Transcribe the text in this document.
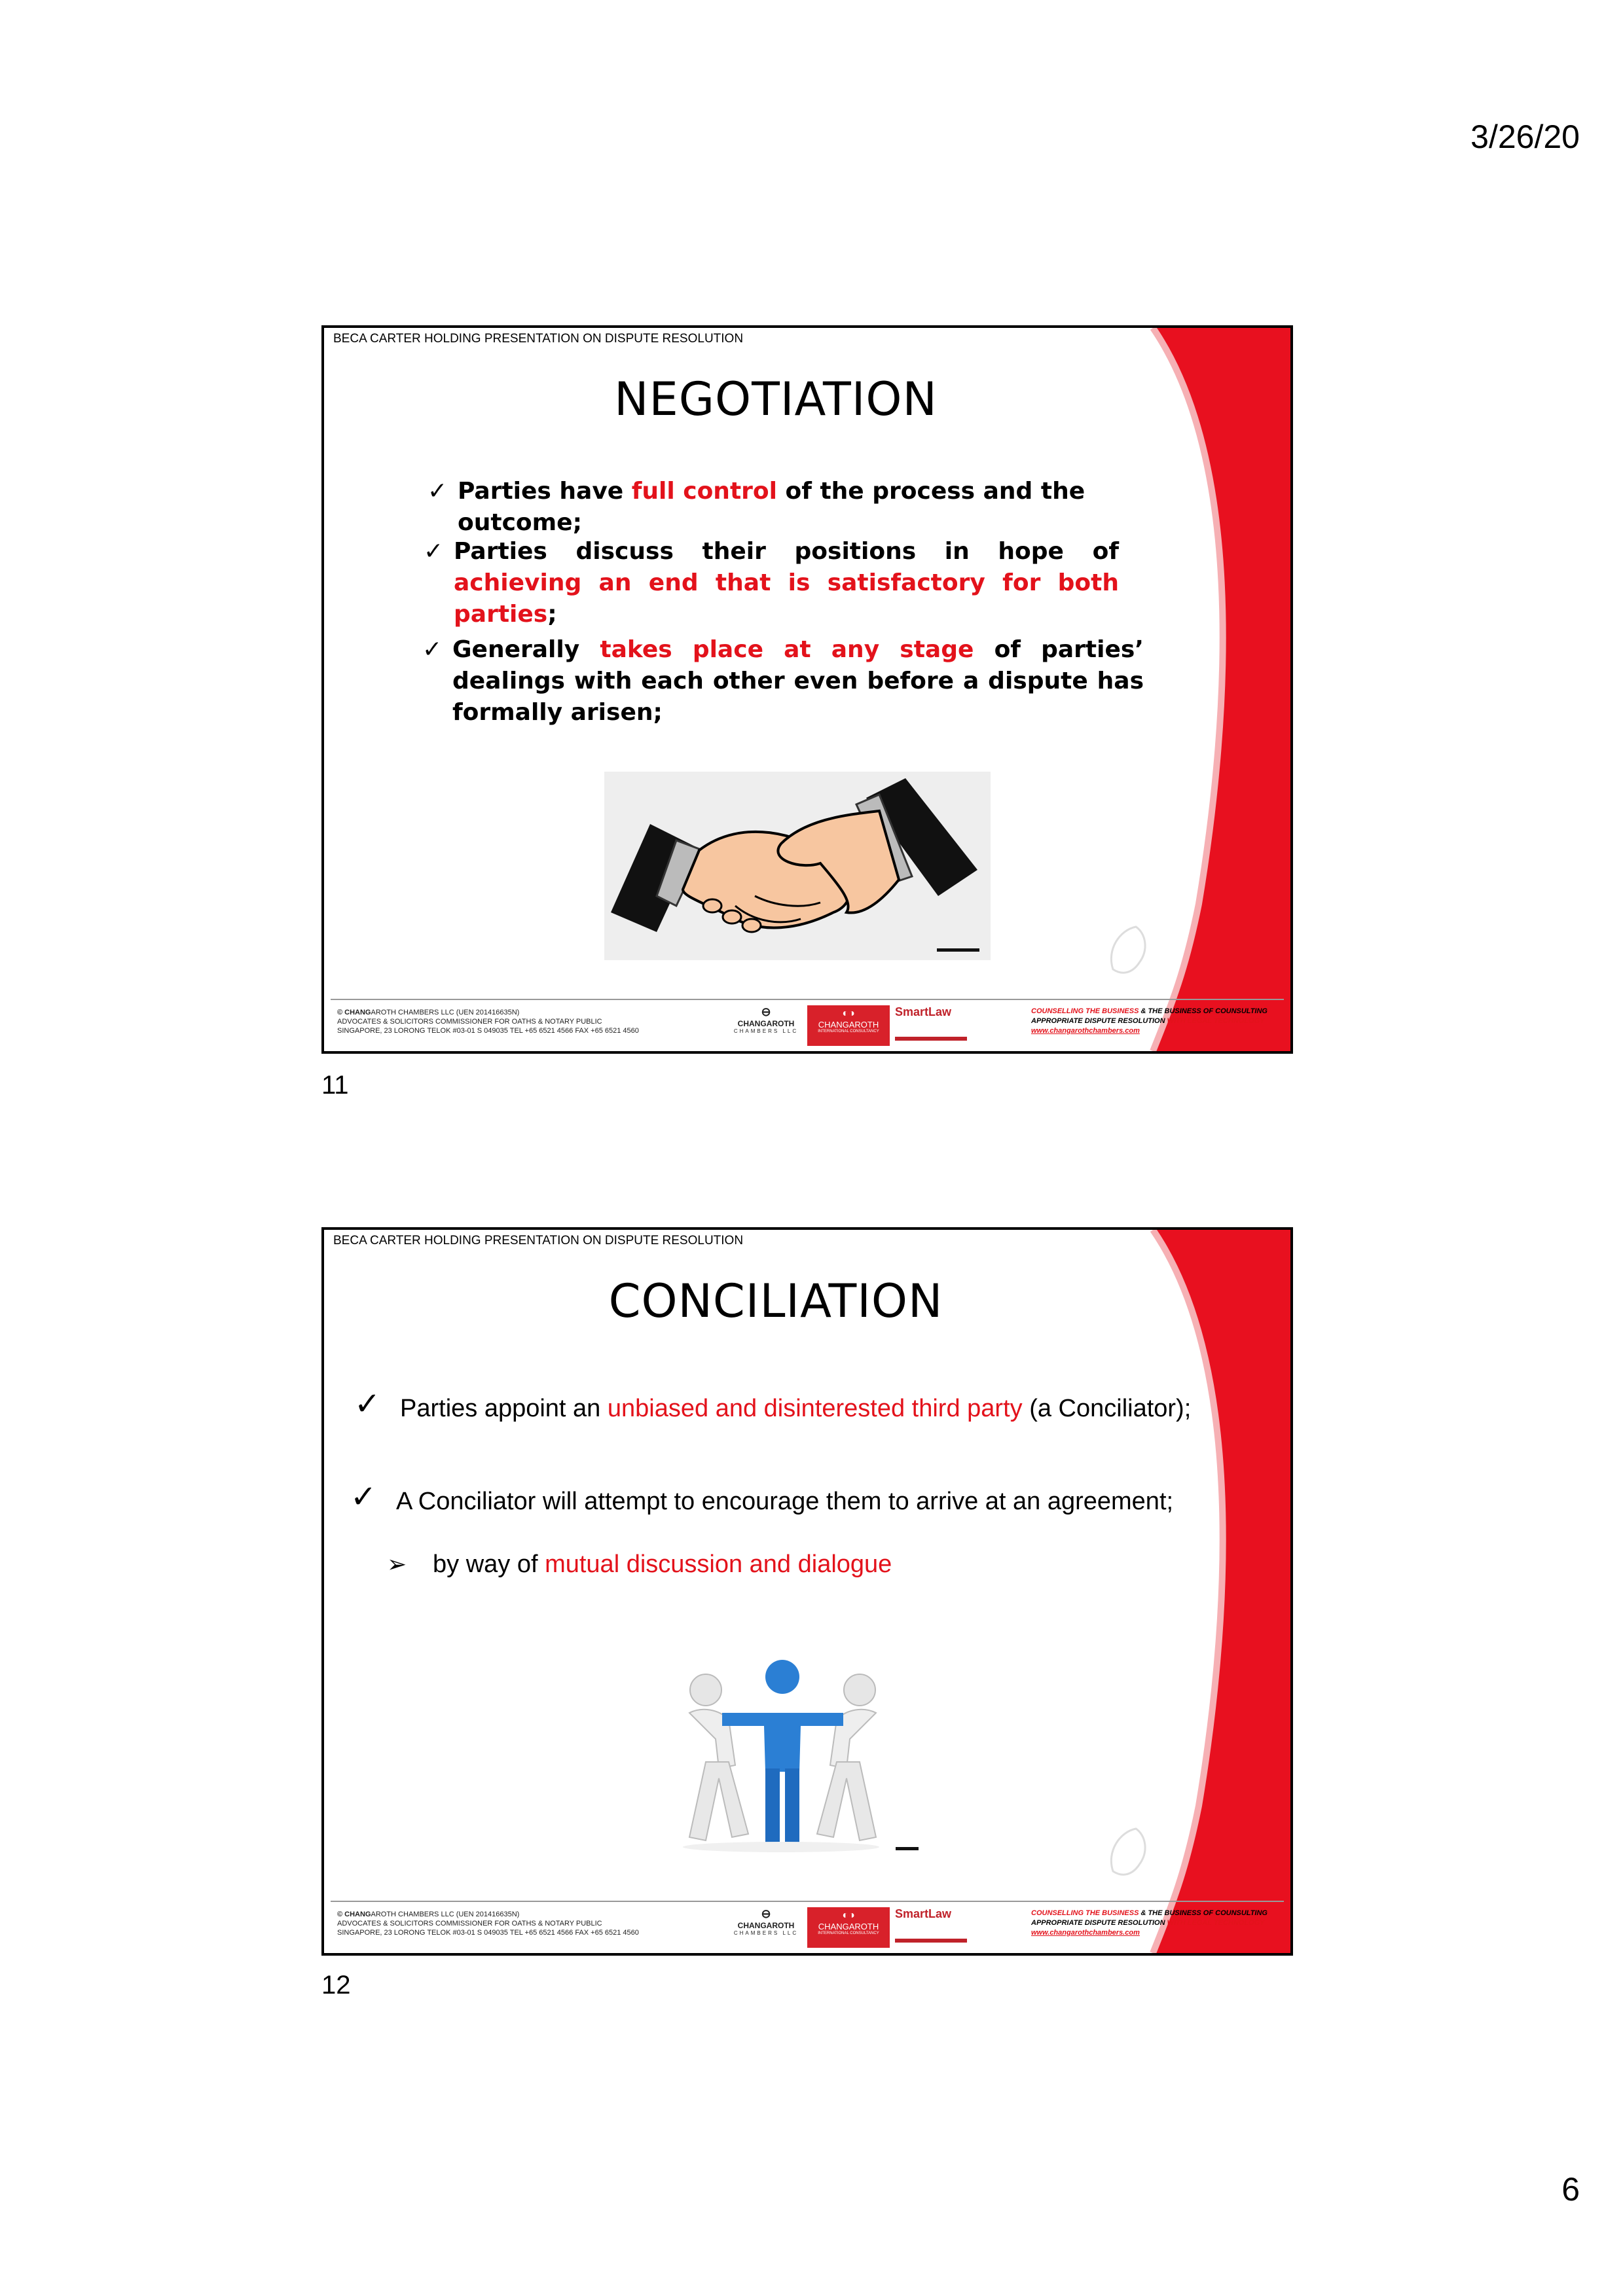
3/26/20
BECA CARTER HOLDING PRESENTATION ON DISPUTE RESOLUTION
NEGOTIATION
✓ Parties have full control of the process and the outcome;
✓ Parties discuss their positions in hope of achieving an end that is satisfactory for both parties;
✓ Generally takes place at any stage of parties’ dealings with each other even before a dispute has formally arisen;
© CHANGAROTH CHAMBERS LLC (UEN 201416635N)
ADVOCATES & SOLICITORS COMMISSIONER FOR OATHS & NOTARY PUBLIC
SINGAPORE, 23 LORONG TELOK #03-01 S 049035 TEL +65 6521 4566 FAX +65 6521 4560
⊖
CHANGAROTH
CHAMBERS LLC
◐◑
CHANGAROTH
INTERNATIONAL CONSULTANCY
SmartLaw	COUNSELLING THE BUSINESS & THE BUSINESS OF COUNSULTING
APPROPRIATE DISPUTE RESOLUTION WITH LEGAL TECHNOLOGY
www.changarothchambers.com
11
BECA CARTER HOLDING PRESENTATION ON DISPUTE RESOLUTION
CONCILIATION
✓ Parties appoint an unbiased and disinterested third party (a Conciliator);
✓ A Conciliator will attempt to encourage them to arrive at an agreement;
➢ by way of mutual discussion and dialogue
© CHANGAROTH CHAMBERS LLC (UEN 201416635N)
ADVOCATES & SOLICITORS COMMISSIONER FOR OATHS & NOTARY PUBLIC
SINGAPORE, 23 LORONG TELOK #03-01 S 049035 TEL +65 6521 4566 FAX +65 6521 4560
⊖
CHANGAROTH
CHAMBERS LLC
◐◑
CHANGAROTH
INTERNATIONAL CONSULTANCY
SmartLaw	COUNSELLING THE BUSINESS & THE BUSINESS OF COUNSULTING
APPROPRIATE DISPUTE RESOLUTION WITH LEGAL TECHNOLOGY
www.changarothchambers.com
12
6
